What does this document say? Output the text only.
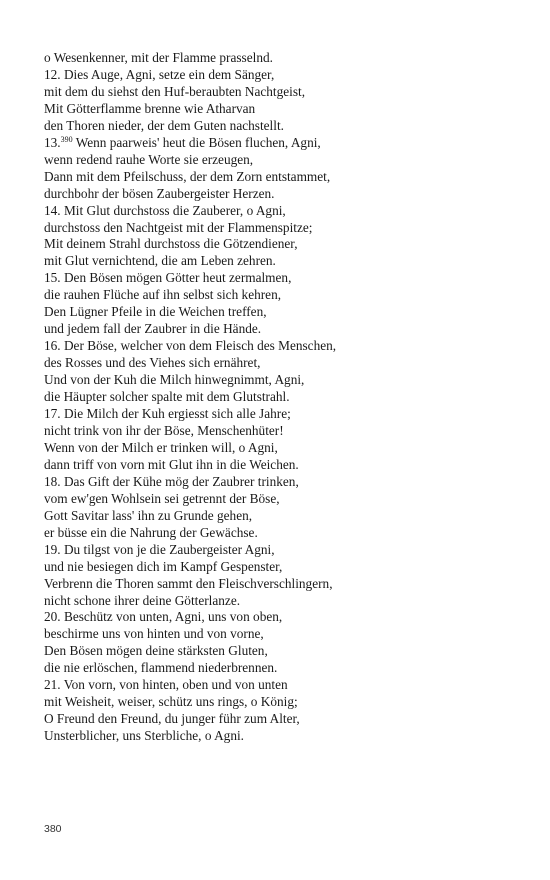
o Wesenkenner, mit der Flamme prasselnd.
12. Dies Auge, Agni, setze ein dem Sänger,
mit dem du siehst den Huf-beraubten Nachtgeist,
Mit Götterflamme brenne wie Atharvan
den Thoren nieder, der dem Guten nachstellt.
13.$^{390}$ Wenn paarweis' heut die Bösen fluchen, Agni,
wenn redend rauhe Worte sie erzeugen,
Dann mit dem Pfeilschuss, der dem Zorn entstammet,
durchbohr der bösen Zaubergeister Herzen.
14. Mit Glut durchstoss die Zauberer, o Agni,
durchstoss den Nachtgeist mit der Flammenspitze;
Mit deinem Strahl durchstoss die Götzendiener,
mit Glut vernichtend, die am Leben zehren.
15. Den Bösen mögen Götter heut zermalmen,
die rauhen Flüche auf ihn selbst sich kehren,
Den Lügner Pfeile in die Weichen treffen,
und jedem fall der Zaubrer in die Hände.
16. Der Böse, welcher von dem Fleisch des Menschen,
des Rosses und des Viehes sich ernähret,
Und von der Kuh die Milch hinwegnimmt, Agni,
die Häupter solcher spalte mit dem Glutstrahl.
17. Die Milch der Kuh ergiesst sich alle Jahre;
nicht trink von ihr der Böse, Menschenhüter!
Wenn von der Milch er trinken will, o Agni,
dann triff von vorn mit Glut ihn in die Weichen.
18. Das Gift der Kühe mög der Zaubrer trinken,
vom ew'gen Wohlsein sei getrennt der Böse,
Gott Savitar lass' ihn zu Grunde gehen,
er büsse ein die Nahrung der Gewächse.
19. Du tilgst von je die Zaubergeister Agni,
und nie besiegen dich im Kampf Gespenster,
Verbrenn die Thoren sammt den Fleischverschlingern,
nicht schone ihrer deine Götterlanze.
20. Beschütz von unten, Agni, uns von oben,
beschirme uns von hinten und von vorne,
Den Bösen mögen deine stärksten Gluten,
die nie erlöschen, flammend niederbrennen.
21. Von vorn, von hinten, oben und von unten
mit Weisheit, weiser, schütz uns rings, o König;
O Freund den Freund, du junger führ zum Alter,
Unsterblicher, uns Sterbliche, o Agni.
380
